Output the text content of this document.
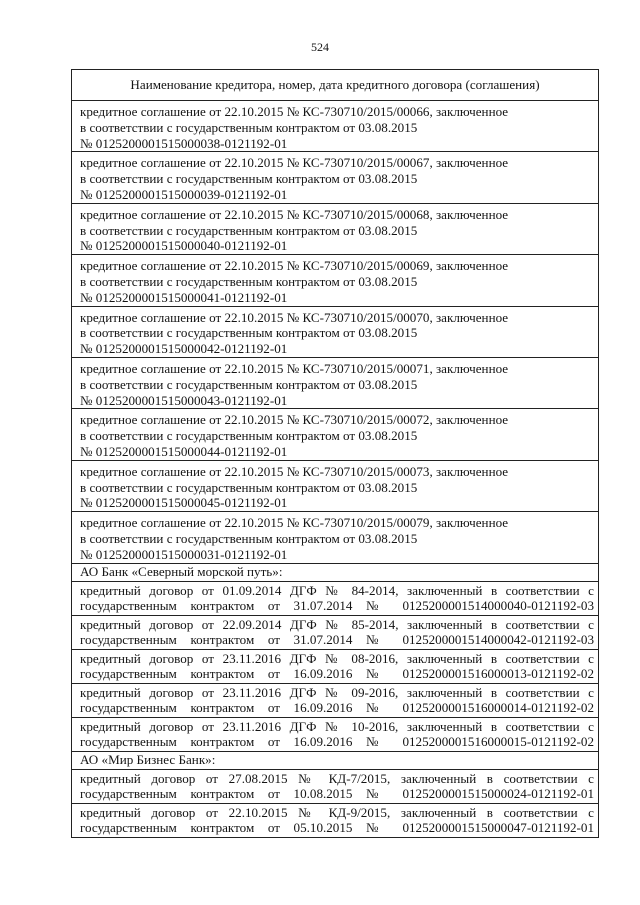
524
Наименование кредитора, номер, дата кредитного договора (соглашения)

кредитное соглашение от 22.10.2015 № КС-730710/2015/00066, заключенное
в соответствии с государственным контрактом от 03.08.2015
№ 0125200001515000038-0121192-01

кредитное соглашение от 22.10.2015 № КС-730710/2015/00067, заключенное
в соответствии с государственным контрактом от 03.08.2015
№ 0125200001515000039-0121192-01

кредитное соглашение от 22.10.2015 № КС-730710/2015/00068, заключенное
в соответствии с государственным контрактом от 03.08.2015
№ 0125200001515000040-0121192-01

кредитное соглашение от 22.10.2015 № КС-730710/2015/00069, заключенное
в соответствии с государственным контрактом от 03.08.2015
№ 0125200001515000041-0121192-01

кредитное соглашение от 22.10.2015 № КС-730710/2015/00070, заключенное
в соответствии с государственным контрактом от 03.08.2015
№ 0125200001515000042-0121192-01

кредитное соглашение от 22.10.2015 № КС-730710/2015/00071, заключенное
в соответствии с государственным контрактом от 03.08.2015
№ 0125200001515000043-0121192-01

кредитное соглашение от 22.10.2015 № КС-730710/2015/00072, заключенное
в соответствии с государственным контрактом от 03.08.2015
№ 0125200001515000044-0121192-01

кредитное соглашение от 22.10.2015 № КС-730710/2015/00073, заключенное
в соответствии с государственным контрактом от 03.08.2015
№ 0125200001515000045-0121192-01

кредитное соглашение от 22.10.2015 № КС-730710/2015/00079, заключенное
в соответствии с государственным контрактом от 03.08.2015
№ 0125200001515000031-0121192-01

АО Банк «Северный морской путь»:

кредитный договор от 01.09.2014 ДГФ № 84-2014, заключенный в соответствии с
государственным контрактом от 31.07.2014 № 0125200001514000040-0121192-03

кредитный договор от 22.09.2014 ДГФ № 85-2014, заключенный в соответствии с
государственным контрактом от 31.07.2014 № 0125200001514000042-0121192-03

кредитный договор от 23.11.2016 ДГФ № 08-2016, заключенный в соответствии с
государственным контрактом от 16.09.2016 № 0125200001516000013-0121192-02

кредитный договор от 23.11.2016 ДГФ № 09-2016, заключенный в соответствии с
государственным контрактом от 16.09.2016 № 0125200001516000014-0121192-02

кредитный договор от 23.11.2016 ДГФ № 10-2016, заключенный в соответствии с
государственным контрактом от 16.09.2016 № 0125200001516000015-0121192-02

АО «Мир Бизнес Банк»:

кредитный договор от 27.08.2015 № КД-7/2015, заключенный в соответствии с
государственным контрактом от 10.08.2015 № 0125200001515000024-0121192-01

кредитный договор от 22.10.2015 № КД-9/2015, заключенный в соответствии с
государственным контрактом от 05.10.2015 № 0125200001515000047-0121192-01
